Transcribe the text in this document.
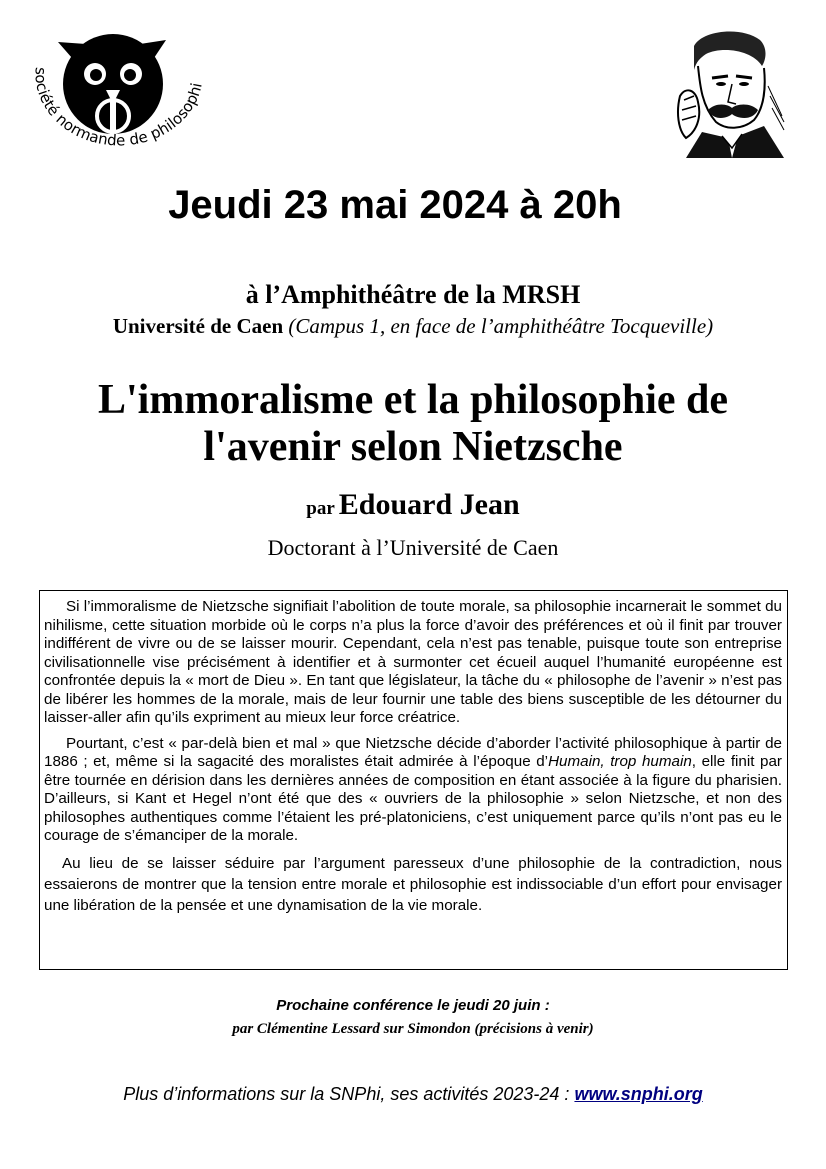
société normande de philosophi
Jeudi 23 mai 2024 à 20h
à l’Amphithéâtre de la MRSH
Université de Caen (Campus 1, en face de l’amphithéâtre Tocqueville)
L'immoralisme et la philosophie de
l'avenir selon Nietzsche
par Edouard Jean
Doctorant à l’Université de Caen

Si l’immoralisme de Nietzsche signifiait l’abolition de toute morale, sa philosophie incarnerait le sommet du nihilisme, cette situation morbide où le corps n’a plus la force d’avoir des préférences et où il finit par trouver indifférent de vivre ou de se laisser mourir. Cependant, cela n’est pas tenable, puisque toute son entreprise civilisationnelle vise précisément à identifier et à surmonter cet écueil auquel l’humanité européenne est confrontée depuis la « mort de Dieu ». En tant que législateur, la tâche du « philosophe de l’avenir » n’est pas de libérer les hommes de la morale, mais de leur fournir une table des biens susceptible de les détourner du laisser-aller afin qu’ils expriment au mieux leur force créatrice.

Pourtant, c’est « par-delà bien et mal » que Nietzsche décide d’aborder l’activité philosophique à partir de 1886 ; et, même si la sagacité des moralistes était admirée à l’époque d’Humain, trop humain, elle finit par être tournée en dérision dans les dernières années de composition en étant associée à la figure du pharisien. D’ailleurs, si Kant et Hegel n’ont été que des « ouvriers de la philosophie » selon Nietzsche, et non des philosophes authentiques comme l’étaient les pré-platoniciens, c’est uniquement parce qu’ils n’ont pas eu le courage de s’émanciper de la morale.

Au lieu de se laisser séduire par l’argument paresseux d’une philosophie de la contradiction, nous essaierons de montrer que la tension entre morale et philosophie est indissociable d’un effort pour envisager une libération de la pensée et une dynamisation de la vie morale.

Prochaine conférence le jeudi 20 juin :
par Clémentine Lessard sur Simondon (précisions à venir)
Plus d’informations sur la SNPhi, ses activités 2023-24 : www.snphi.org
